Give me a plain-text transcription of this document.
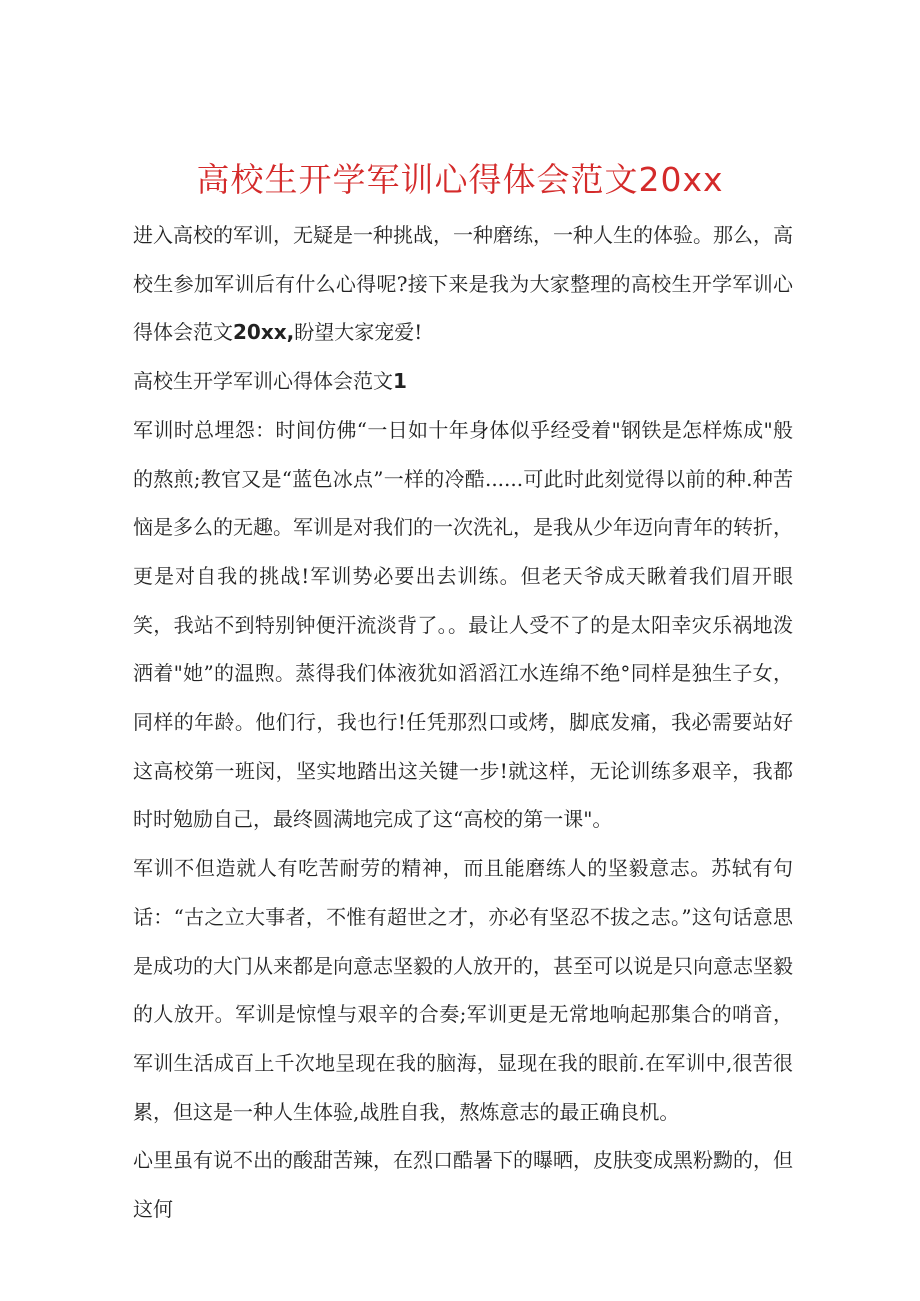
高校生开学军训心得体会范文20xx

进入高校的军训，无疑是一种挑战，一种磨练，一种人生的体验。那么，高校生参加军训后有什么心得呢?接下来是我为大家整理的高校生开学军训心得体会范文20xx,盼望大家宠爱!

高校生开学军训心得体会范文1

军训时总埋怨：时间仿佛“一日如十年身体似乎经受着"钢铁是怎样炼成"般的熬煎;教官又是“蓝色冰点”一样的冷酷......可此时此刻觉得以前的种.种苦恼是多么的无趣。军训是对我们的一次洗礼，是我从少年迈向青年的转折，更是对自我的挑战!军训势必要出去训练。但老天爷成天瞅着我们眉开眼笑，我站不到特别钟便汗流淡背了。。最让人受不了的是太阳幸灾乐祸地泼洒着"她”的温煦。蒸得我们体液犹如滔滔江水连绵不绝°同样是独生子女，同样的年龄。他们行，我也行!任凭那烈口或烤，脚底发痛，我必需要站好这高校第一班闵，坚实地踏出这关键一步!就这样，无论训练多艰辛，我都时时勉励自己，最终圆满地完成了这“高校的第一课"。

军训不但造就人有吃苦耐劳的精神，而且能磨练人的坚毅意志。苏轼有句话：“古之立大事者，不惟有超世之才，亦必有坚忍不拔之志。”这句话意思是成功的大门从来都是向意志坚毅的人放开的，甚至可以说是只向意志坚毅的人放开。军训是惊惶与艰辛的合奏;军训更是无常地响起那集合的哨音，军训生活成百上千次地呈现在我的脑海，显现在我的眼前.在军训中,很苦很累，但这是一种人生体验,战胜自我，熬炼意志的最正确良机。

心里虽有说不出的酸甜苦辣，在烈口酷暑下的曝晒，皮肤变成黑粉黝的，但这何
